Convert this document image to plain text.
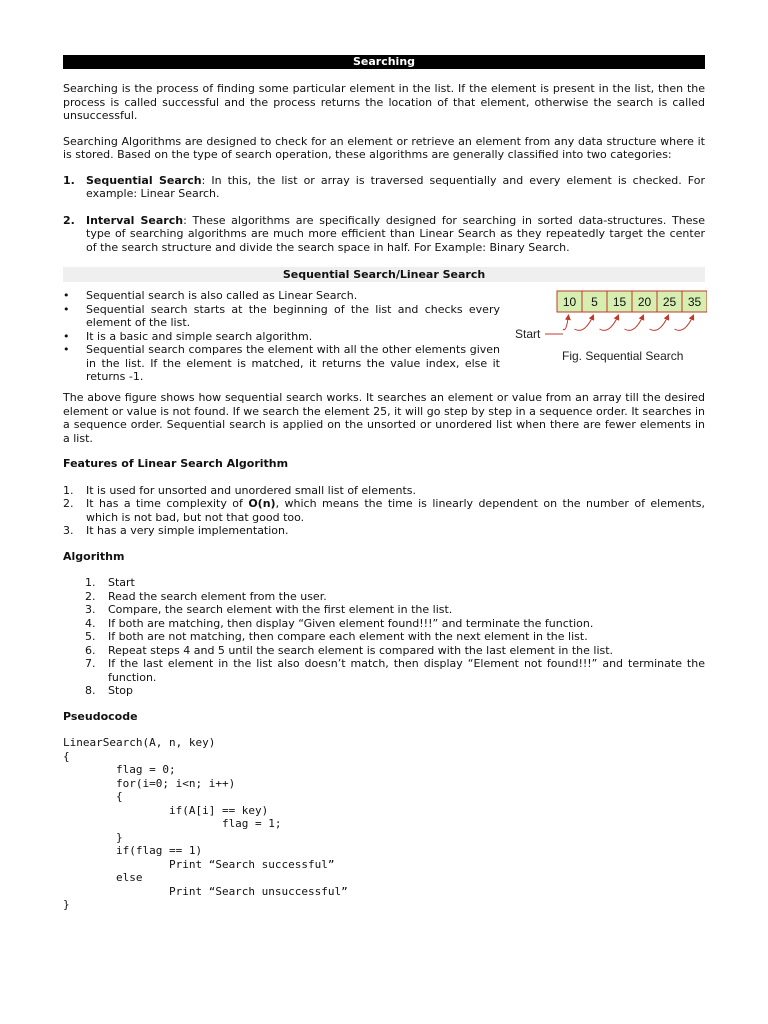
Searching

Searching is the process of finding some particular element in the list. If the element is present in the list, then the process is called successful and the process returns the location of that element, otherwise the search is called unsuccessful.

Searching Algorithms are designed to check for an element or retrieve an element from any data structure where it is stored. Based on the type of search operation, these algorithms are generally classified into two categories:

1. Sequential Search: In this, the list or array is traversed sequentially and every element is checked. For example: Linear Search.
2. Interval Search: These algorithms are specifically designed for searching in sorted data-structures. These type of searching algorithms are much more efficient than Linear Search as they repeatedly target the center of the search structure and divide the search space in half. For Example: Binary Search.
Sequential Search/Linear Search
• Sequential search is also called as Linear Search.
• Sequential search starts at the beginning of the list and checks every element of the list.
• It is a basic and simple search algorithm.
• Sequential search compares the element with all the other elements given in the list. If the element is matched, it returns the value index, else it returns -1.
10 5 15 20 25 35
Start
Fig. Sequential Search

The above figure shows how sequential search works. It searches an element or value from an array till the desired element or value is not found. If we search the element 25, it will go step by step in a sequence order. It searches in a sequence order. Sequential search is applied on the unsorted or unordered list when there are fewer elements in a list.

Features of Linear Search Algorithm

1. It is used for unsorted and unordered small list of elements.
2. It has a time complexity of O(n), which means the time is linearly dependent on the number of elements, which is not bad, but not that good too.
3. It has a very simple implementation.

Algorithm

1. Start
2. Read the search element from the user.
3. Compare, the search element with the first element in the list.
4. If both are matching, then display “Given element found!!!” and terminate the function.
5. If both are not matching, then compare each element with the next element in the list.
6. Repeat steps 4 and 5 until the search element is compared with the last element in the list.
7. If the last element in the list also doesn’t match, then display “Element not found!!!” and terminate the function.
8. Stop

Pseudocode

LinearSearch(A, n, key)
{
flag = 0;
for(i=0; i<n; i++)
{
if(A[i] == key)
flag = 1;
}
if(flag == 1)
Print “Search successful”
else
Print “Search unsuccessful”
}
